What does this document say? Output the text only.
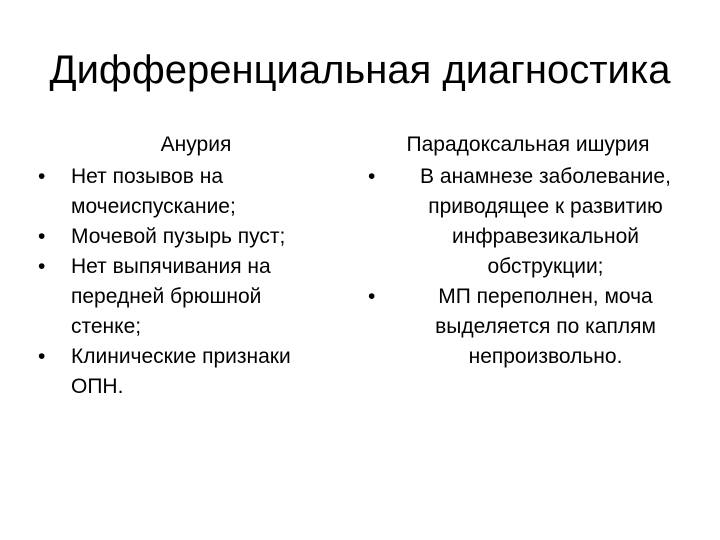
Дифференциальная диагностика
Анурия
• Нет позывов на мочеиспускание;
• Мочевой пузырь пуст;
• Нет выпячивания на передней брюшной стенке;
• Клинические признаки ОПН.
Парадоксальная ишурия
•	В анамнезе заболевание, приводящее к развитию инфравезикальной обструкции;
•	МП переполнен, моча выделяется по каплям непроизвольно.
